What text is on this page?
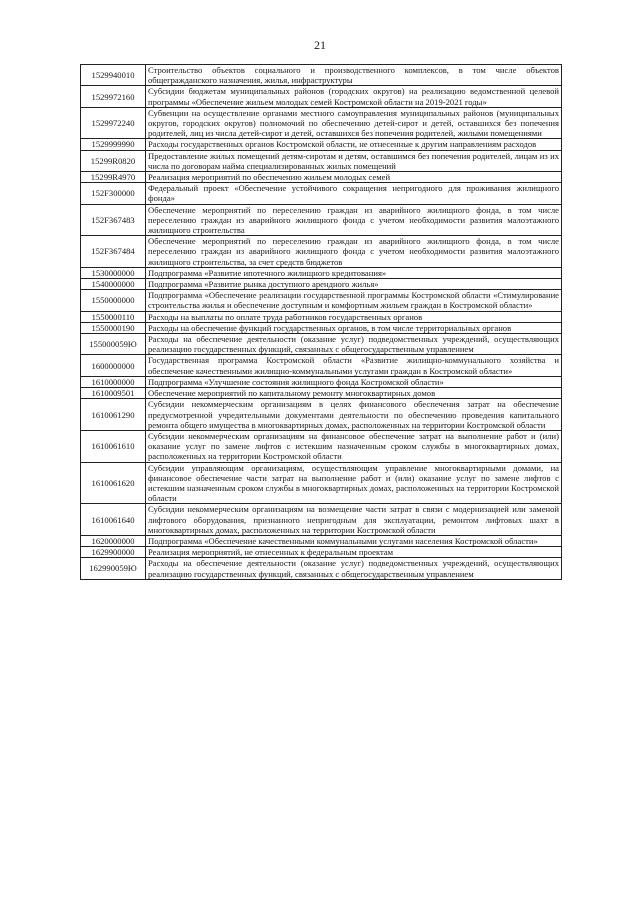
21
1529940010	Строительство объектов социального и производственного комплексов, в том числе объектов общегражданского назначения, жилья, инфраструктуры
1529972160	Субсидии бюджетам муниципальных районов (городских округов) на реализацию ведомственной целевой программы «Обеспечение жильем молодых семей Костромской области на 2019-2021 годы»
1529972240	Субвенции на осуществление органами местного самоуправления муниципальных районов (муниципальных округов, городских округов) полномочий по обеспечению детей-сирот и детей, оставшихся без попечения родителей, лиц из числа детей-сирот и детей, оставшихся без попечения родителей, жилыми помещениями
1529999990	Расходы государственных органов Костромской области, не отнесенные к другим направлениям расходов
15299R0820	Предоставление жилых помещений детям-сиротам и детям, оставшимся без попечения родителей, лицам из их числа по договорам найма специализированных жилых помещений
15299R4970	Реализация мероприятий по обеспечению жильем молодых семей
152F300000	Федеральный проект «Обеспечение устойчивого сокращения непригодного для проживания жилищного фонда»
152F367483	Обеспечение мероприятий по переселению граждан из аварийного жилищного фонда, в том числе переселению граждан из аварийного жилищного фонда с учетом необходимости развития малоэтажного жилищного строительства
152F367484	Обеспечение мероприятий по переселению граждан из аварийного жилищного фонда, в том числе переселению граждан из аварийного жилищного фонда с учетом необходимости развития малоэтажного жилищного строительства, за счет средств бюджетов
1530000000	Подпрограмма «Развитие ипотечного жилищного кредитования»
1540000000	Подпрограмма «Развитие рынка доступного арендного жилья»
1550000000	Подпрограмма «Обеспечение реализации государственной программы Костромской области «Стимулирование строительства жилья и обеспечение доступным и комфортным жильем граждан в Костромской области»
1550000110	Расходы на выплаты по оплате труда работников государственных органов
1550000190	Расходы на обеспечение функций государственных органов, в том числе территориальных органов
155000059Ю	Расходы на обеспечение деятельности (оказание услуг) подведомственных учреждений, осуществляющих реализацию государственных функций, связанных с общегосударственным управлением
1600000000	Государственная программа Костромской области «Развитие жилищно-коммунального хозяйства и обеспечение качественными жилищно-коммунальными услугами граждан в Костромской области»
1610000000	Подпрограмма «Улучшение состояния жилищного фонда Костромской области»
1610009501	Обеспечение мероприятий по капитальному ремонту многоквартирных домов
1610061290	Субсидии некоммерческим организациям в целях финансового обеспечения затрат на обеспечение предусмотренной учредительными документами деятельности по обеспечению проведения капитального ремонта общего имущества в многоквартирных домах, расположенных на территории Костромской области
1610061610	Субсидии некоммерческим организациям на финансовое обеспечение затрат на выполнение работ и (или) оказание услуг по замене лифтов с истекшим назначенным сроком службы в многоквартирных домах, расположенных на территории Костромской области
1610061620	Субсидии управляющим организациям, осуществляющим управление многоквартирными домами, на финансовое обеспечение части затрат на выполнение работ и (или) оказание услуг по замене лифтов с истекшим назначенным сроком службы в многоквартирных домах, расположенных на территории Костромской области
1610061640	Субсидии некоммерческим организациям на возмещение части затрат в связи с модернизацией или заменой лифтового оборудования, признанного непригодным для эксплуатации, ремонтом лифтовых шахт в многоквартирных домах, расположенных на территории Костромской области
1620000000	Подпрограмма «Обеспечение качественными коммунальными услугами населения Костромской области»
1629900000	Реализация мероприятий, не отнесенных к федеральным проектам
162990059Ю	Расходы на обеспечение деятельности (оказание услуг) подведомственных учреждений, осуществляющих реализацию государственных функций, связанных с общегосударственным управлением
